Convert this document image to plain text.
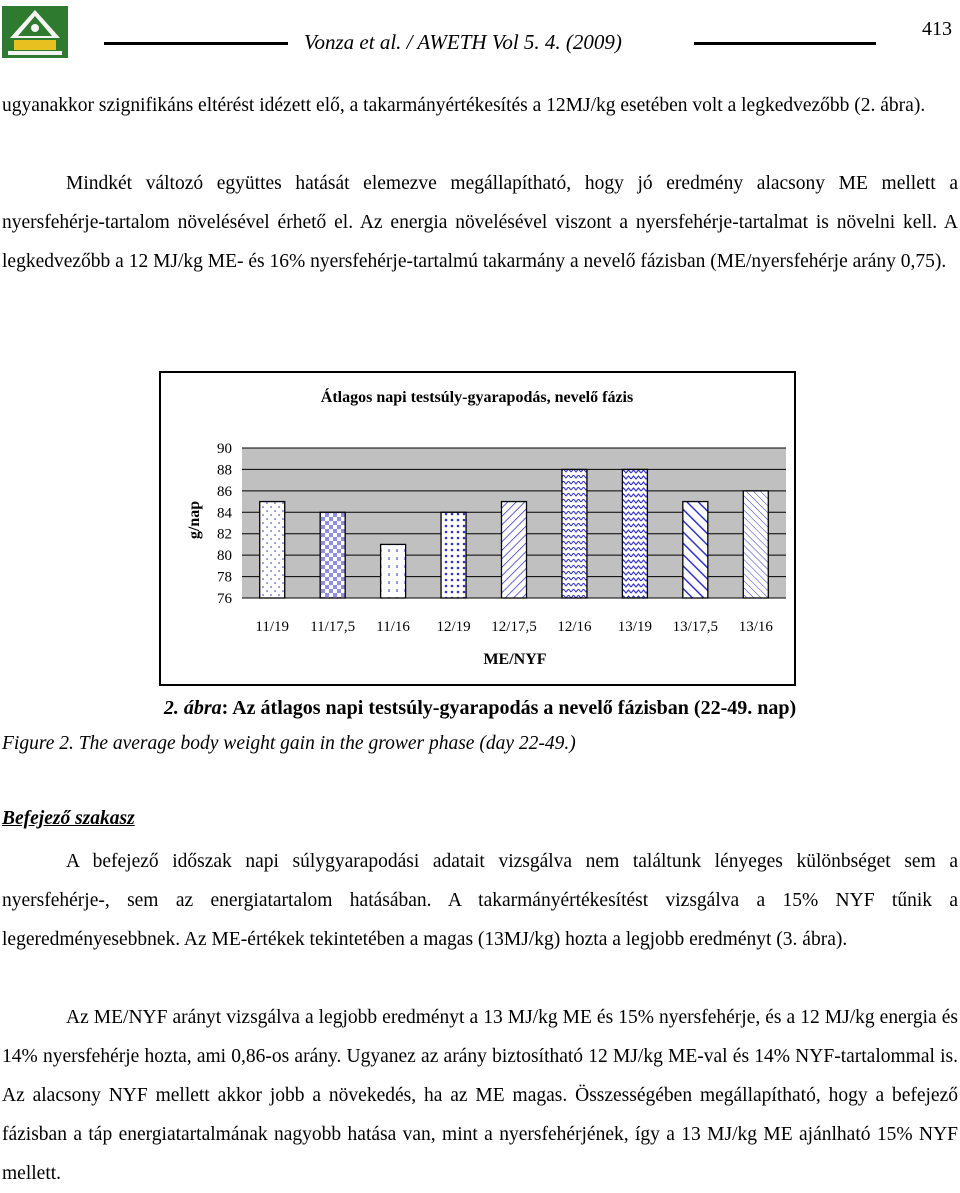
Vonza et al. / AWETH Vol 5. 4. (2009)
413

ugyanakkor szignifikáns eltérést idézett elő, a takarmányértékesítés a 12MJ/kg esetében volt a legkedvezőbb (2. ábra).

Mindkét változó együttes hatását elemezve megállapítható, hogy jó eredmény alacsony ME mellett a nyersfehérje-tartalom növelésével érhető el. Az energia növelésével viszont a nyersfehérje-tartalmat is növelni kell. A legkedvezőbb a 12 MJ/kg ME- és 16% nyersfehérje-tartalmú takarmány a nevelő fázisban (ME/nyersfehérje arány 0,75).

Átlagos napi testsúly-gyarapodás, nevelő fázis
g/nap
ME/NYF
90
88
86
84
82
80
78
76
11/19 11/17,5 11/16 12/19 12/17,5 12/16 13/19 13/17,5 13/16
2. ábra: Az átlagos napi testsúly-gyarapodás a nevelő fázisban (22-49. nap)
Figure 2. The average body weight gain in the grower phase (day 22-49.)
Befejező szakasz

A befejező időszak napi súlygyarapodási adatait vizsgálva nem találtunk lényeges különbséget sem a nyersfehérje-, sem az energiatartalom hatásában. A takarmányértékesítést vizsgálva a 15% NYF tűnik a legeredményesebbnek. Az ME-értékek tekintetében a magas (13MJ/kg) hozta a legjobb eredményt (3. ábra).

Az ME/NYF arányt vizsgálva a legjobb eredményt a 13 MJ/kg ME és 15% nyersfehérje, és a 12 MJ/kg energia és 14% nyersfehérje hozta, ami 0,86-os arány. Ugyanez az arány biztosítható 12 MJ/kg ME-val és 14% NYF-tartalommal is. Az alacsony NYF mellett akkor jobb a növekedés, ha az ME magas. Összességében megállapítható, hogy a befejező fázisban a táp energiatartalmának nagyobb hatása van, mint a nyersfehérjének, így a 13 MJ/kg ME ajánlható 15% NYF mellett.
